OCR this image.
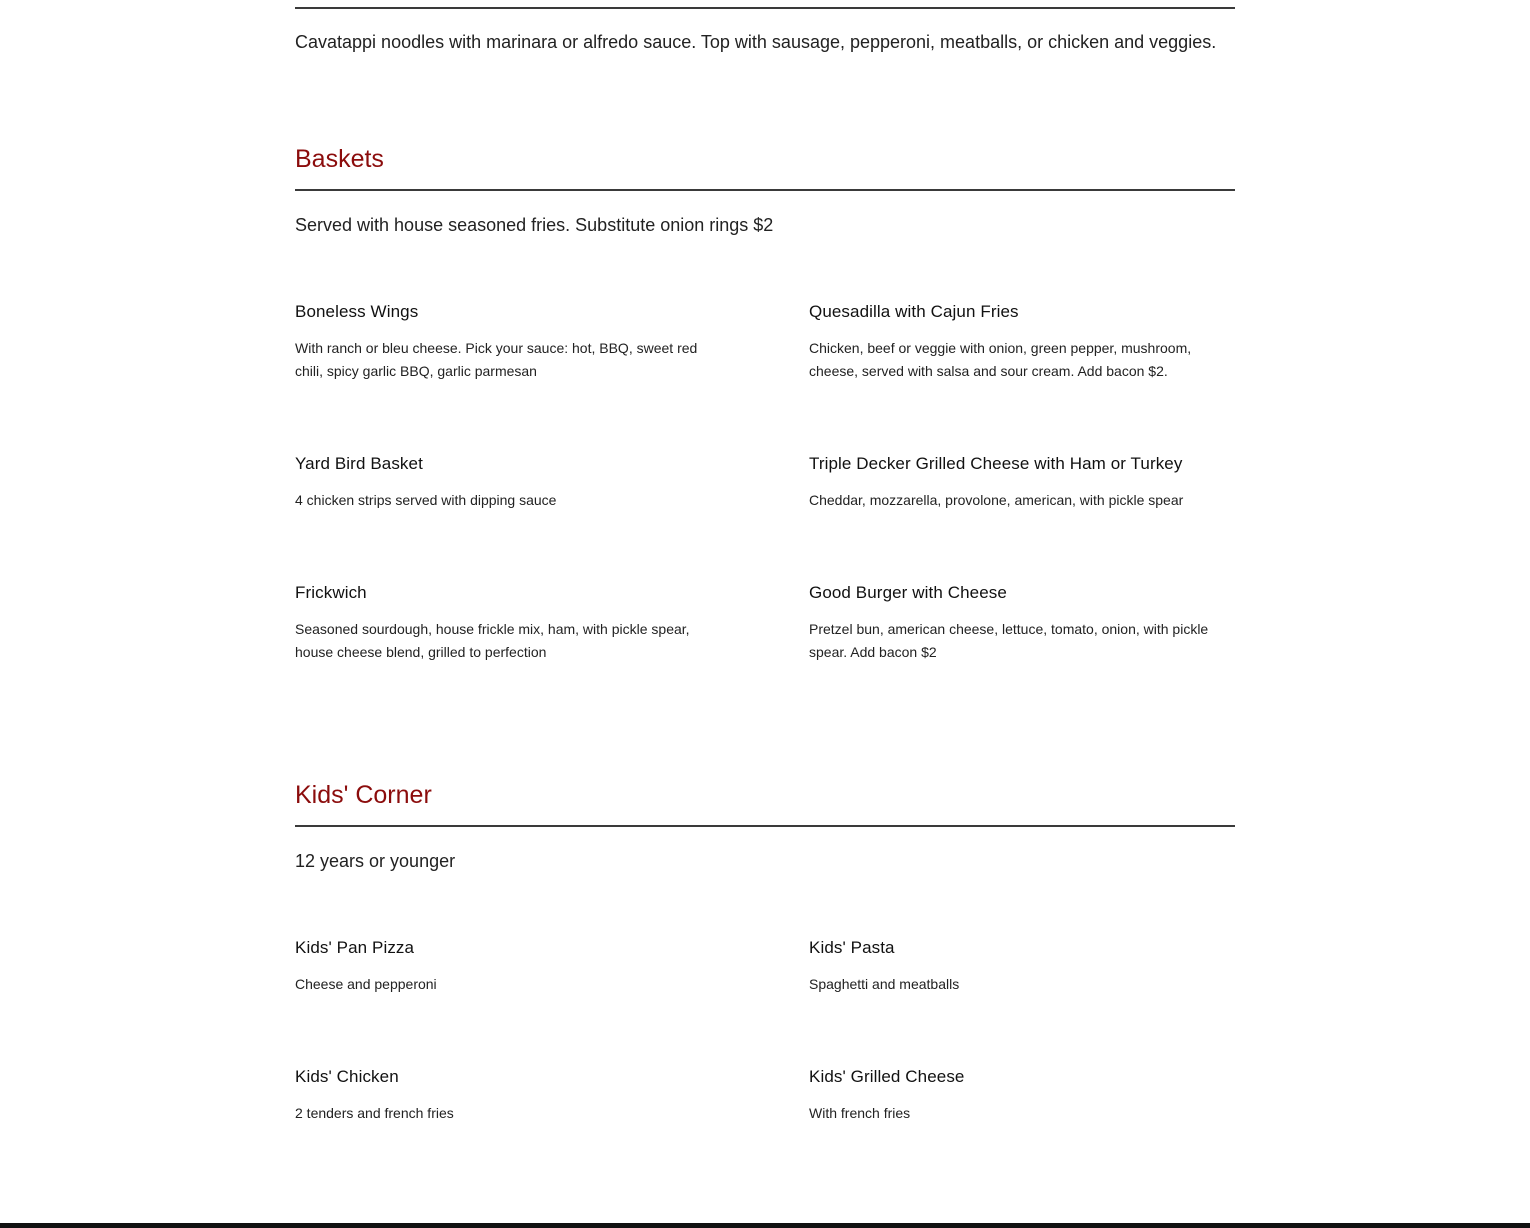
Cavatappi noodles with marinara or alfredo sauce. Top with sausage, pepperoni, meatballs, or chicken and veggies.

Baskets

Served with house seasoned fries. Substitute onion rings $2

Boneless Wings
With ranch or bleu cheese. Pick your sauce: hot, BBQ, sweet red chili, spicy garlic BBQ, garlic parmesan
Quesadilla with Cajun Fries
Chicken, beef or veggie with onion, green pepper, mushroom, cheese, served with salsa and sour cream. Add bacon $2.
Yard Bird Basket
4 chicken strips served with dipping sauce
Triple Decker Grilled Cheese with Ham or Turkey
Cheddar, mozzarella, provolone, american, with pickle spear
Frickwich
Seasoned sourdough, house frickle mix, ham, with pickle spear, house cheese blend, grilled to perfection
Good Burger with Cheese
Pretzel bun, american cheese, lettuce, tomato, onion, with pickle spear. Add bacon $2
Kids' Corner

12 years or younger

Kids' Pan Pizza
Cheese and pepperoni
Kids' Pasta
Spaghetti and meatballs
Kids' Chicken
2 tenders and french fries
Kids' Grilled Cheese
With french fries
